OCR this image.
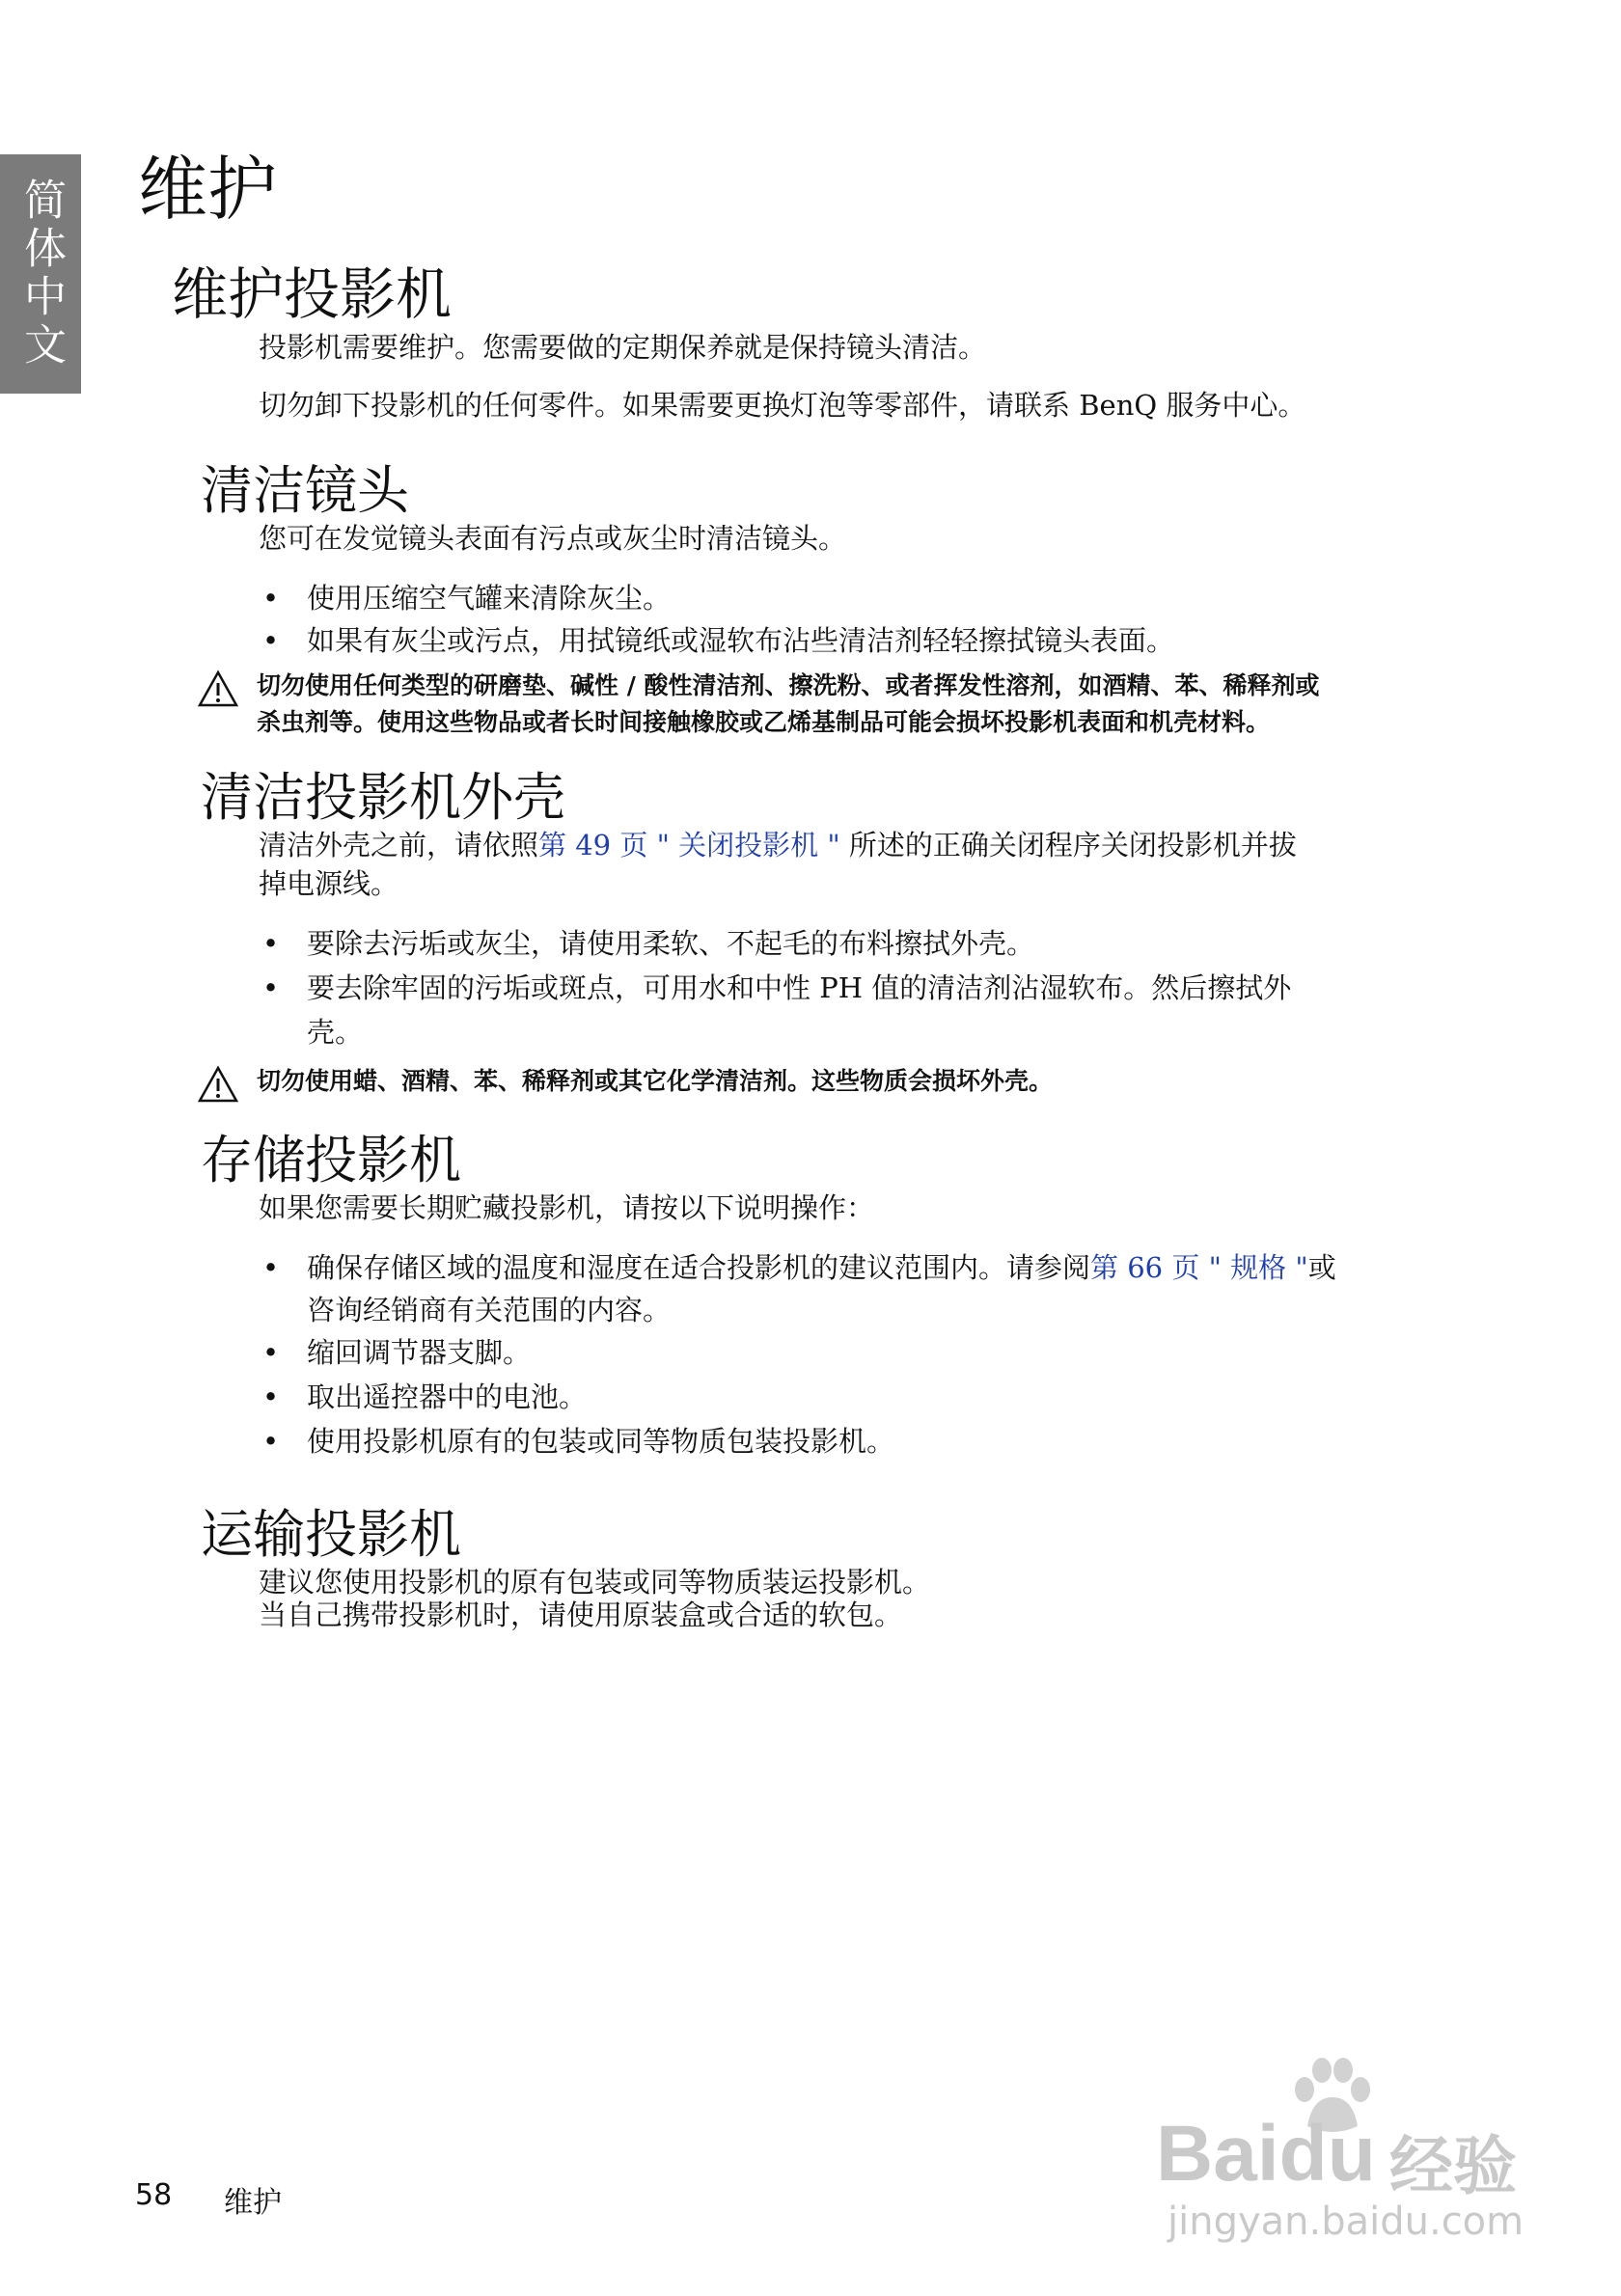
简体中文 维护
维护投影机
投影机需要维护。您需要做的定期保养就是保持镜头清洁。
切勿卸下投影机的任何零件。如果需要更换灯泡等零部件，请联系 BenQ 服务中心。
清洁镜头
您可在发觉镜头表面有污点或灰尘时清洁镜头。
• 使用压缩空气罐来清除灰尘。
• 如果有灰尘或污点，用拭镜纸或湿软布沾些清洁剂轻轻擦拭镜头表面。
切勿使用任何类型的研磨垫、碱性 / 酸性清洁剂、擦洗粉、或者挥发性溶剂，如酒精、苯、稀释剂或
杀虫剂等。使用这些物品或者长时间接触橡胶或乙烯基制品可能会损坏投影机表面和机壳材料。
清洁投影机外壳
清洁外壳之前，请依照第 49 页 " 关闭投影机 " 所述的正确关闭程序关闭投影机并拔
掉电源线。
• 要除去污垢或灰尘，请使用柔软、不起毛的布料擦拭外壳。
• 要去除牢固的污垢或斑点，可用水和中性 PH 值的清洁剂沾湿软布。然后擦拭外
壳。
切勿使用蜡、酒精、苯、稀释剂或其它化学清洁剂。这些物质会损坏外壳。
存储投影机
如果您需要长期贮藏投影机，请按以下说明操作：
• 确保存储区域的温度和湿度在适合投影机的建议范围内。请参阅第 66 页 " 规格 "或
咨询经销商有关范围的内容。
• 缩回调节器支脚。
• 取出遥控器中的电池。
• 使用投影机原有的包装或同等物质包装投影机。
运输投影机
建议您使用投影机的原有包装或同等物质装运投影机。
当自己携带投影机时，请使用原装盒或合适的软包。
58 维护
Baidu 经验
jingyan.baidu.com
